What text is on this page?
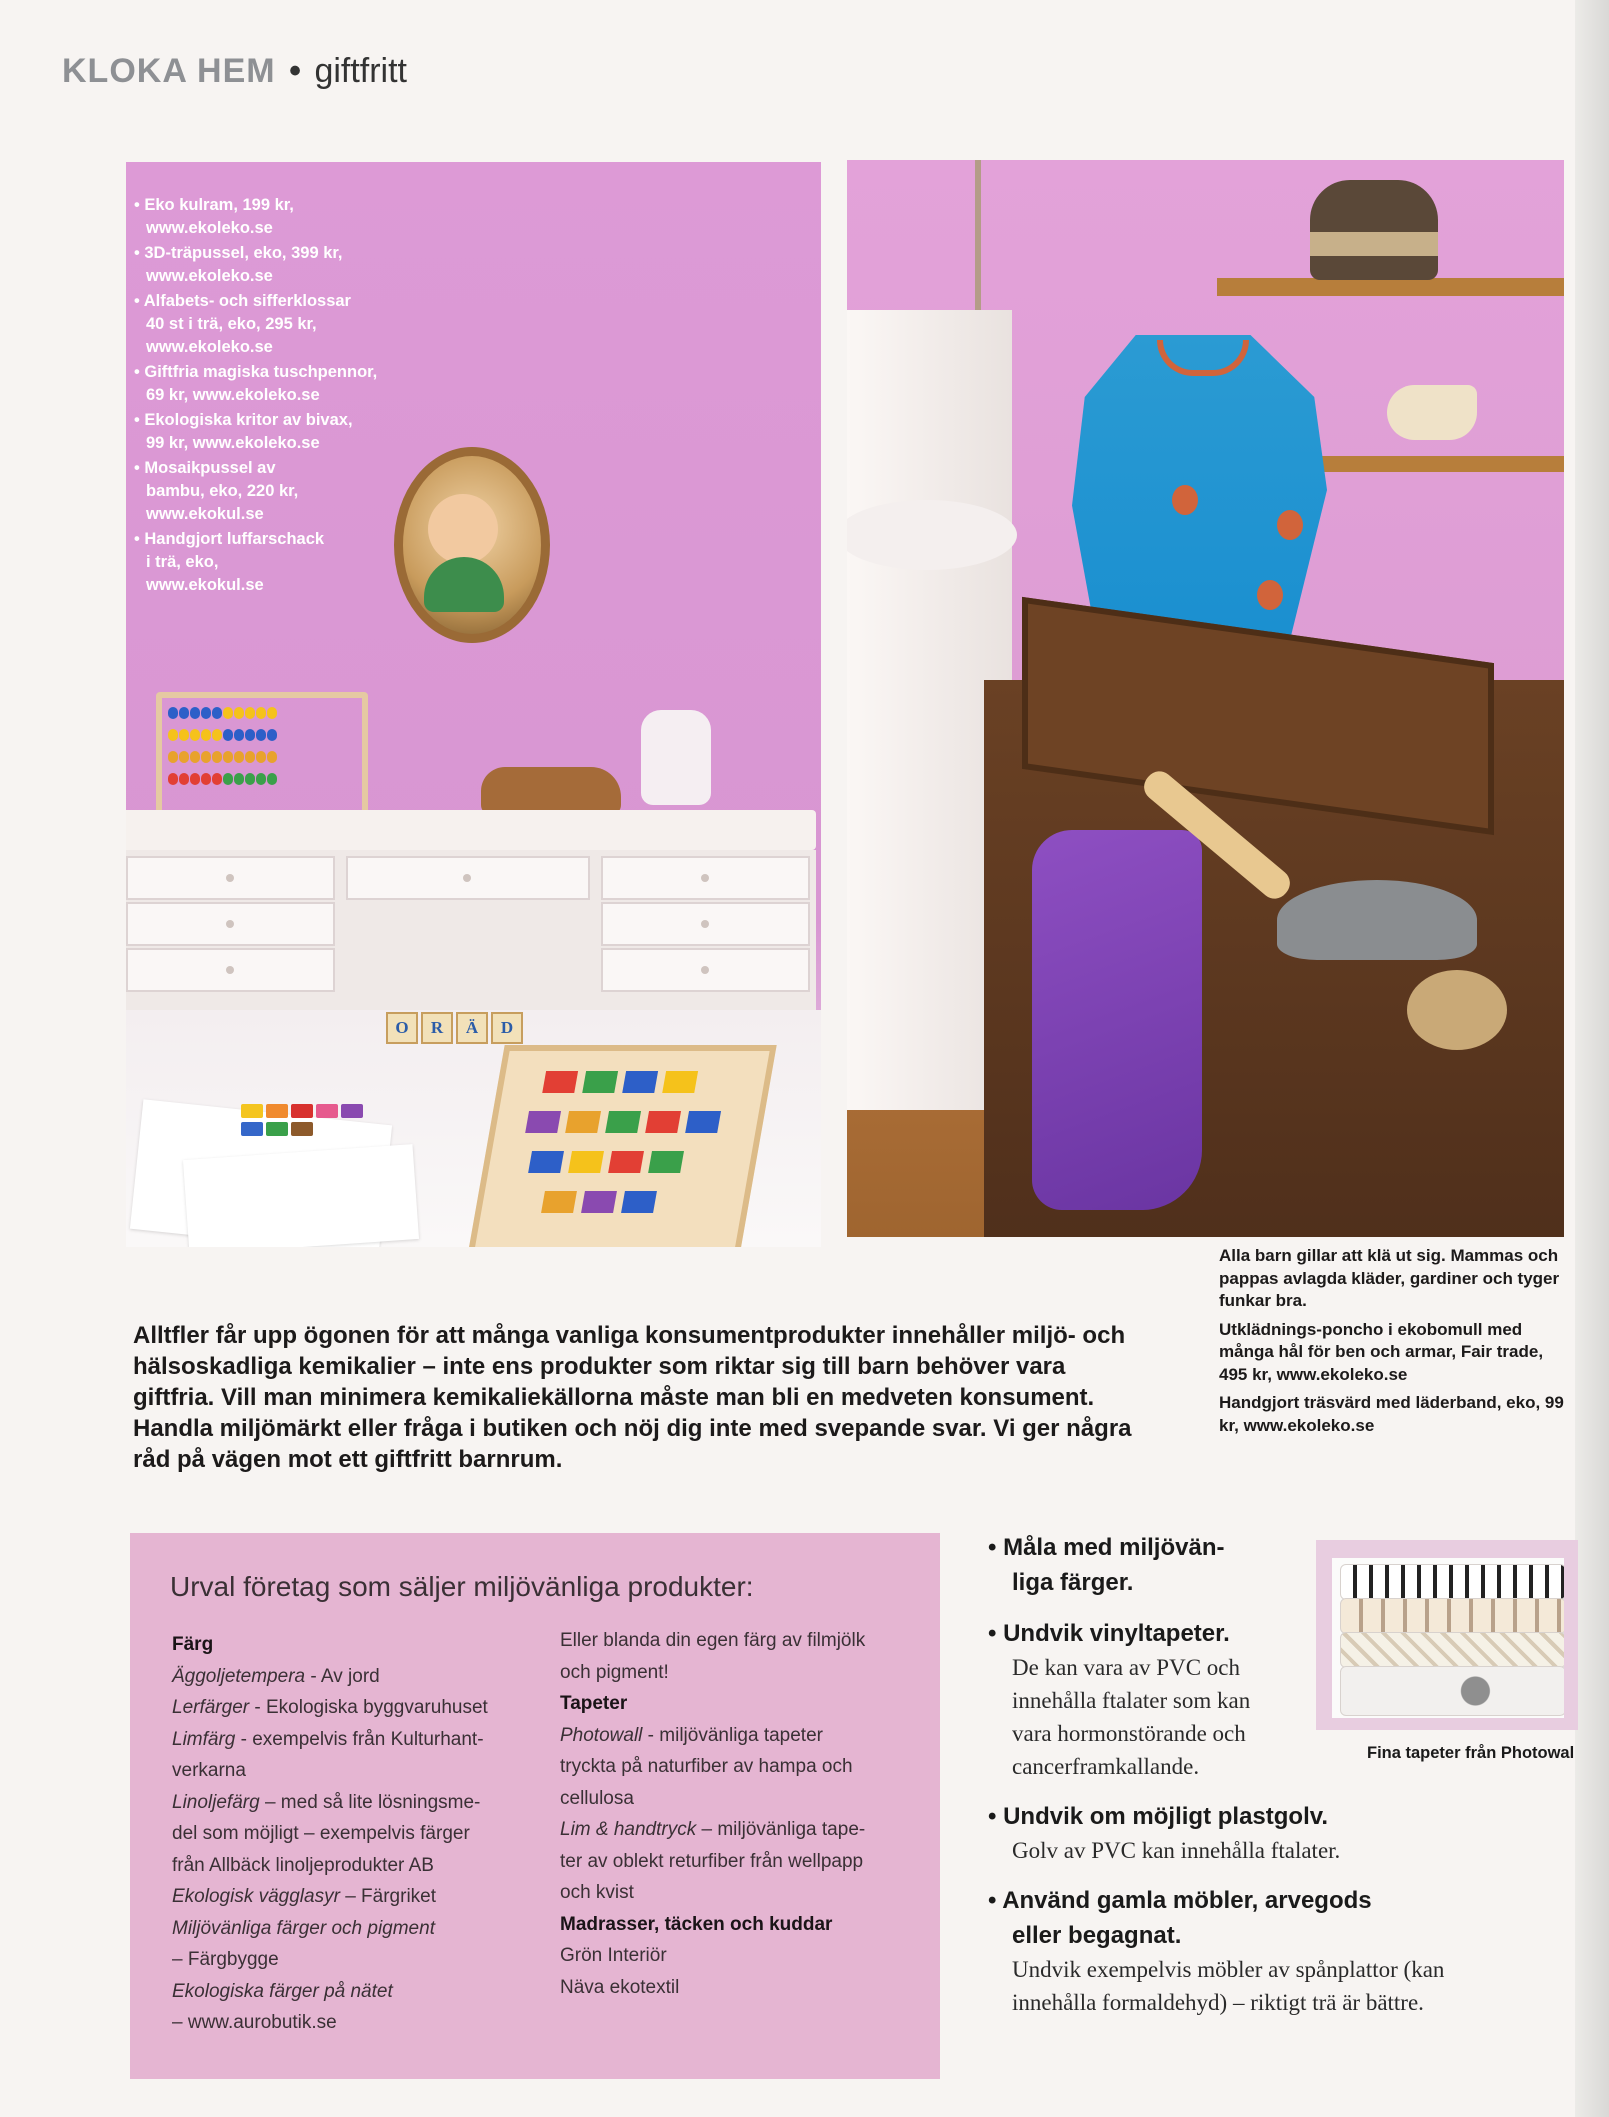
KLOKA HEM • giftfritt
O R Ä D
• Eko kulram, 199 kr,
www.ekoleko.se
• 3D-träpussel, eko, 399 kr,
www.ekoleko.se
• Alfabets- och sifferklossar
40 st i trä, eko, 295 kr,
www.ekoleko.se
• Giftfria magiska tuschpennor,
69 kr, www.ekoleko.se
• Ekologiska kritor av bivax,
99 kr, www.ekoleko.se
• Mosaikpussel av
bambu, eko, 220 kr,
www.ekokul.se
• Handgjort luffarschack
i trä, eko,
www.ekokul.se

Alla barn gillar att klä ut sig. Mammas och pappas avlagda kläder, gardiner och tyger funkar bra.

Utklädnings-poncho i ekobomull med många hål för ben och armar, Fair trade, 495 kr, www.ekoleko.se

Handgjort träsvärd med läderband, eko, 99 kr, www.ekoleko.se

Alltfler får upp ögonen för att många vanliga konsumentprodukter innehåller miljö- och hälsoskadliga kemikalier – inte ens produkter som riktar sig till barn behöver vara giftfria. Vill man minimera kemikaliekällorna måste man bli en medveten konsument. Handla miljömärkt eller fråga i butiken och nöj dig inte med svepande svar. Vi ger några råd på vägen mot ett giftfritt barnrum.

Urval företag som säljer miljövänliga produkter:
Färg
Äggoljetempera - Av jord
Lerfärger - Ekologiska byggvaruhuset
Limfärg - exempelvis från Kulturhant-
verkarna
Linoljefärg – med så lite lösningsme-
del som möjligt – exempelvis färger
från Allbäck linoljeprodukter AB
Ekologisk vägglasyr – Färgriket
Miljövänliga färger och pigment
– Färgbygge
Ekologiska färger på nätet
– www.aurobutik.se
Eller blanda din egen färg av filmjölk
och pigment!
Tapeter
Photowall - miljövänliga tapeter
tryckta på naturfiber av hampa och
cellulosa
Lim & handtryck – miljövänliga tape-
ter av oblekt returfiber från wellpapp
och kvist
Madrasser, täcken och kuddar
Grön Interiör
Näva ekotextil
• Måla med miljövän-
liga färger.
• Undvik vinyltapeter.
De kan vara av PVC och
innehålla ftalater som kan
vara hormonstörande och
cancerframkallande.
• Undvik om möjligt plastgolv.
Golv av PVC kan innehålla ftalater.
• Använd gamla möbler, arvegods
eller begagnat.
Undvik exempelvis möbler av spånplattor (kan
innehålla formaldehyd) – riktigt trä är bättre.
Fina tapeter från Photowal
